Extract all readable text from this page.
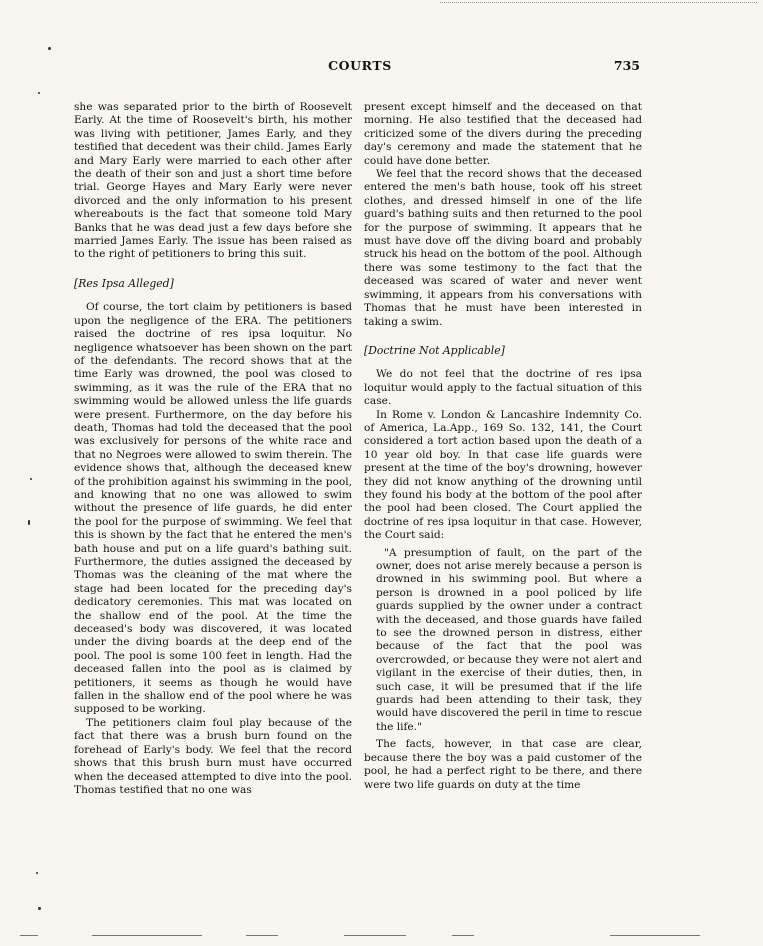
COURTS	735

she was separated prior to the birth of Roosevelt Early. At the time of Roosevelt's birth, his mother was living with petitioner, James Early, and they testified that decedent was their child. James Early and Mary Early were married to each other after the death of their son and just a short time before trial. George Hayes and Mary Early were never divorced and the only information to his present whereabouts is the fact that someone told Mary Banks that he was dead just a few days before she married James Early. The issue has been raised as to the right of petitioners to bring this suit.

[Res Ipsa Alleged]

Of course, the tort claim by petitioners is based upon the negligence of the ERA. The petitioners raised the doctrine of res ipsa loquitur. No negligence whatsoever has been shown on the part of the defendants. The record shows that at the time Early was drowned, the pool was closed to swimming, as it was the rule of the ERA that no swimming would be allowed unless the life guards were present. Furthermore, on the day before his death, Thomas had told the deceased that the pool was exclusively for persons of the white race and that no Negroes were allowed to swim therein. The evidence shows that, although the deceased knew of the prohibition against his swimming in the pool, and knowing that no one was allowed to swim without the presence of life guards, he did enter the pool for the purpose of swimming. We feel that this is shown by the fact that he entered the men's bath house and put on a life guard's bathing suit. Furthermore, the duties assigned the deceased by Thomas was the cleaning of the mat where the stage had been located for the preceding day's dedicatory ceremonies. This mat was located on the shallow end of the pool. At the time the deceased's body was discovered, it was located under the diving boards at the deep end of the pool. The pool is some 100 feet in length. Had the deceased fallen into the pool as is claimed by petitioners, it seems as though he would have fallen in the shallow end of the pool where he was supposed to be working.

The petitioners claim foul play because of the fact that there was a brush burn found on the forehead of Early's body. We feel that the record shows that this brush burn must have occurred when the deceased attempted to dive into the pool. Thomas testified that no one was

present except himself and the deceased on that morning. He also testified that the deceased had criticized some of the divers during the preceding day's ceremony and made the statement that he could have done better.

We feel that the record shows that the deceased entered the men's bath house, took off his street clothes, and dressed himself in one of the life guard's bathing suits and then returned to the pool for the purpose of swimming. It appears that he must have dove off the diving board and probably struck his head on the bottom of the pool. Although there was some testimony to the fact that the deceased was scared of water and never went swimming, it appears from his conversations with Thomas that he must have been interested in taking a swim.

[Doctrine Not Applicable]

We do not feel that the doctrine of res ipsa loquitur would apply to the factual situation of this case.

In Rome v. London & Lancashire Indemnity Co. of America, La.App., 169 So. 132, 141, the Court considered a tort action based upon the death of a 10 year old boy. In that case life guards were present at the time of the boy's drowning, however they did not know anything of the drowning until they found his body at the bottom of the pool after the pool had been closed. The Court applied the doctrine of res ipsa loquitur in that case. However, the Court said:

"A presumption of fault, on the part of the owner, does not arise merely because a person is drowned in his swimming pool. But where a person is drowned in a pool policed by life guards supplied by the owner under a contract with the deceased, and those guards have failed to see the drowned person in distress, either because of the fact that the pool was overcrowded, or because they were not alert and vigilant in the exercise of their duties, then, in such case, it will be presumed that if the life guards had been attending to their task, they would have discovered the peril in time to rescue the life."

The facts, however, in that case are clear, because there the boy was a paid customer of the pool, he had a perfect right to be there, and there were two life guards on duty at the time
